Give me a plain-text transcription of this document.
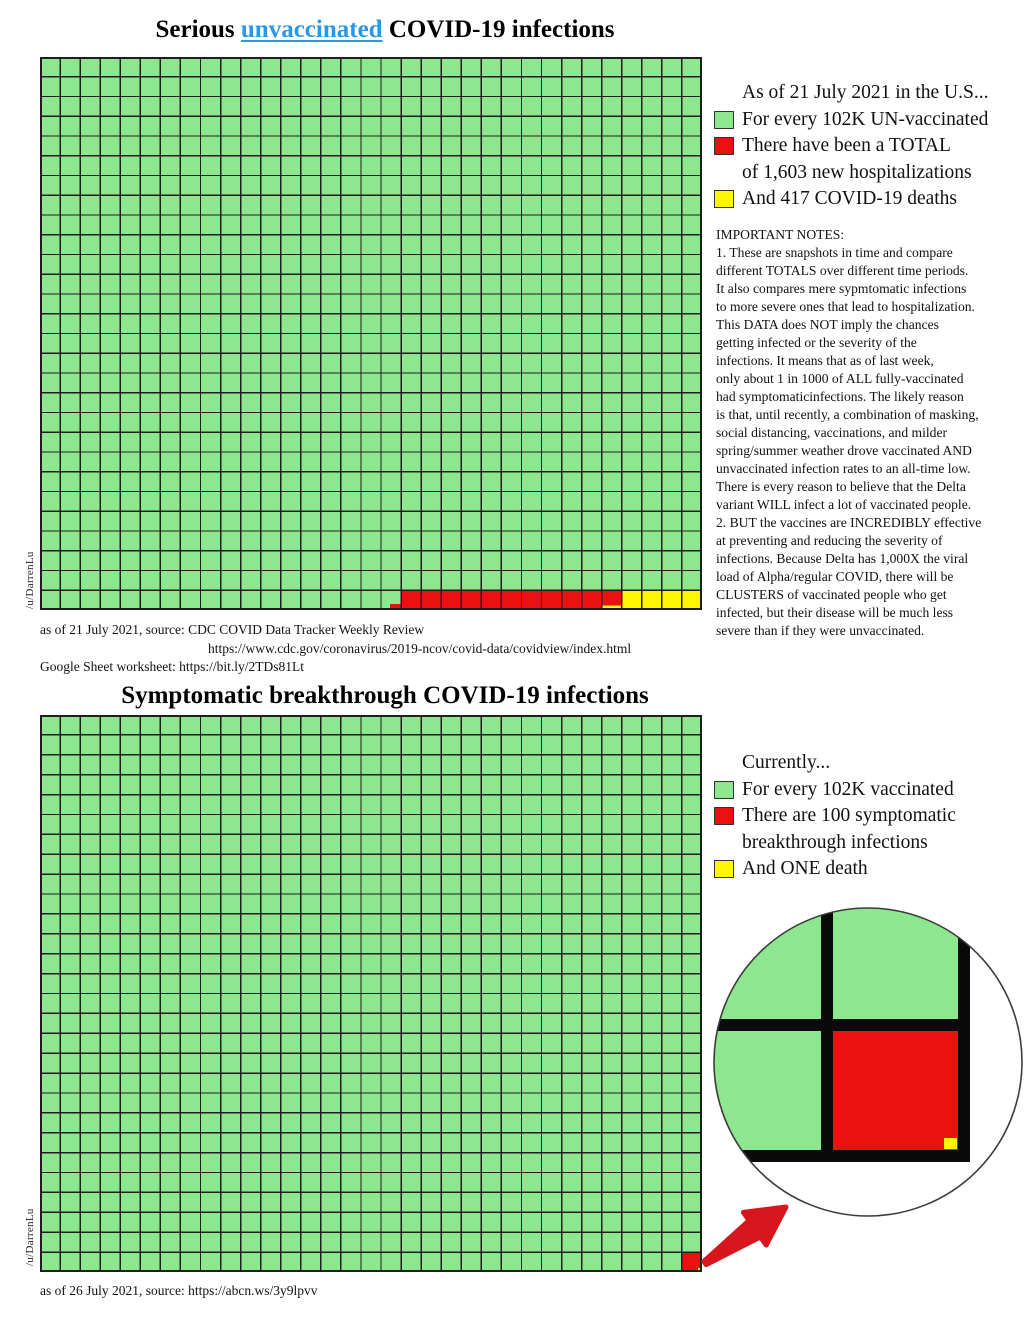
Serious unvaccinated COVID-19 infections
/u/DarrenLu
As of 21 July 2021 in the U.S...
For every 102K UN-vaccinated
There have been a TOTAL
of 1,603 new hospitalizations
And 417 COVID-19 deaths
IMPORTANT NOTES:
1. These are snapshots in time and compare
different TOTALS over different time periods.
It also compares mere sypmtomatic infections
to more severe ones that lead to hospitalization.
This DATA does NOT imply the chances
getting infected or the severity of the
infections. It means that as of last week,
only about 1 in 1000 of ALL fully-vaccinated
had symptomaticinfections. The likely reason
is that, until recently, a combination of masking,
social distancing, vaccinations, and milder
spring/summer weather drove vaccinated AND
unvaccinated infection rates to an all-time low.
There is every reason to believe that the Delta
variant WILL infect a lot of vaccinated people.
2. BUT the vaccines are INCREDIBLY effective
at preventing and reducing the severity of
infections. Because Delta has 1,000X the viral
load of Alpha/regular COVID, there will be
CLUSTERS of vaccinated people who get
infected, but their disease will be much less
severe than if they were unvaccinated.
as of 21 July 2021, source: CDC COVID Data Tracker Weekly Review
https://www.cdc.gov/coronavirus/2019-ncov/covid-data/covidview/index.html
Google Sheet worksheet: https://bit.ly/2TDs81Lt
Symptomatic breakthrough COVID-19 infections
/u/DarrenLu
Currently...
For every 102K vaccinated
There are 100 symptomatic
breakthrough infections
And ONE death
as of 26 July 2021, source: https://abcn.ws/3y9lpvv
